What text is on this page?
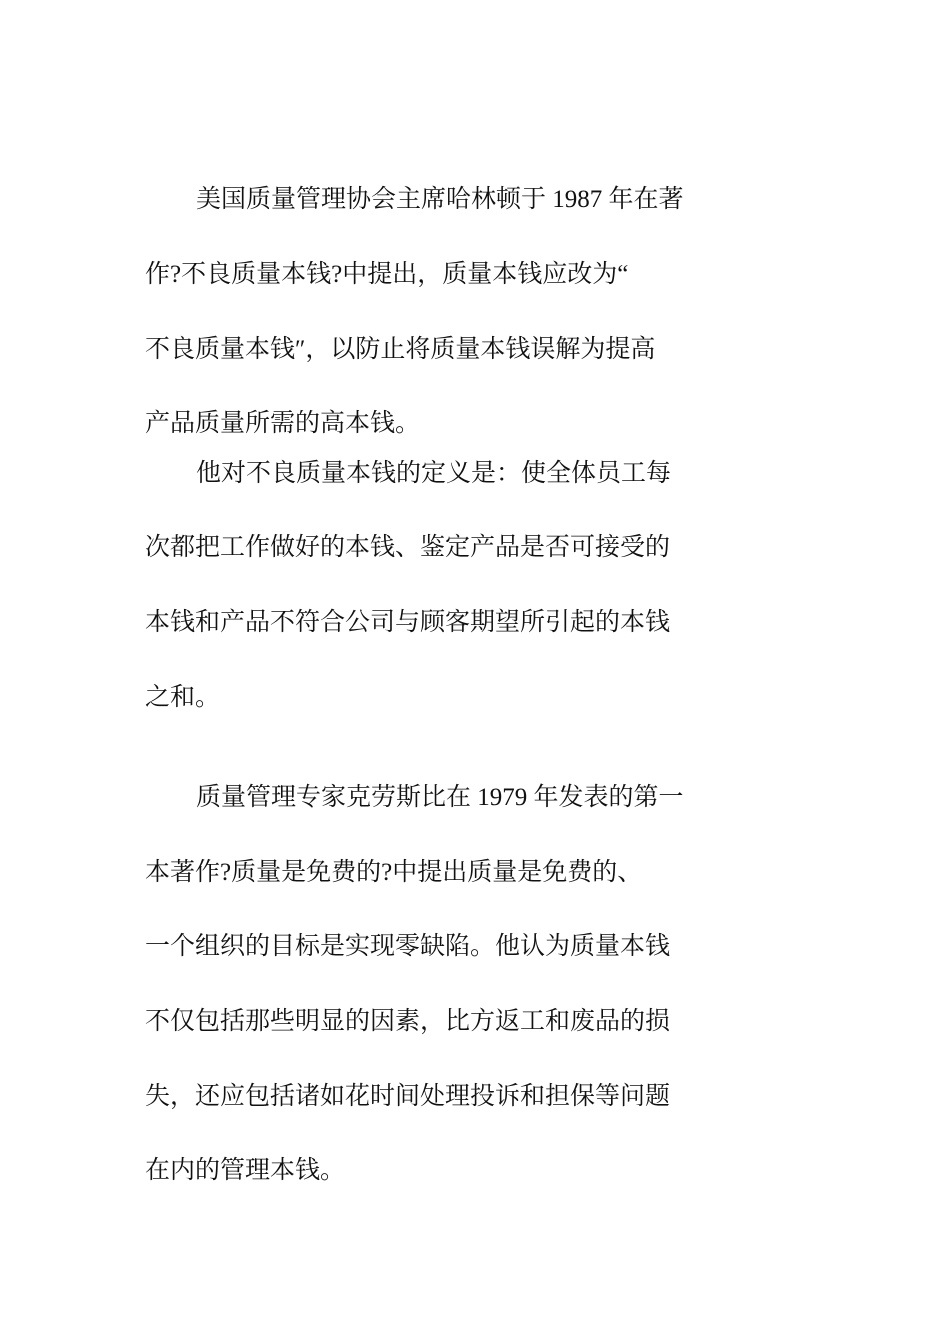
美国质量管理协会主席哈林顿于 1987 年在著
作?不良质量本钱?中提出，质量本钱应改为“
不良质量本钱″，以防止将质量本钱误解为提高
产品质量所需的高本钱。
他对不良质量本钱的定义是：使全体员工每
次都把工作做好的本钱、鉴定产品是否可接受的
本钱和产品不符合公司与顾客期望所引起的本钱
之和。
质量管理专家克劳斯比在 1979 年发表的第一
本著作?质量是免费的?中提出质量是免费的、
一个组织的目标是实现零缺陷。他认为质量本钱
不仅包括那些明显的因素，比方返工和废品的损
失，还应包括诸如花时间处理投诉和担保等问题
在内的管理本钱。
